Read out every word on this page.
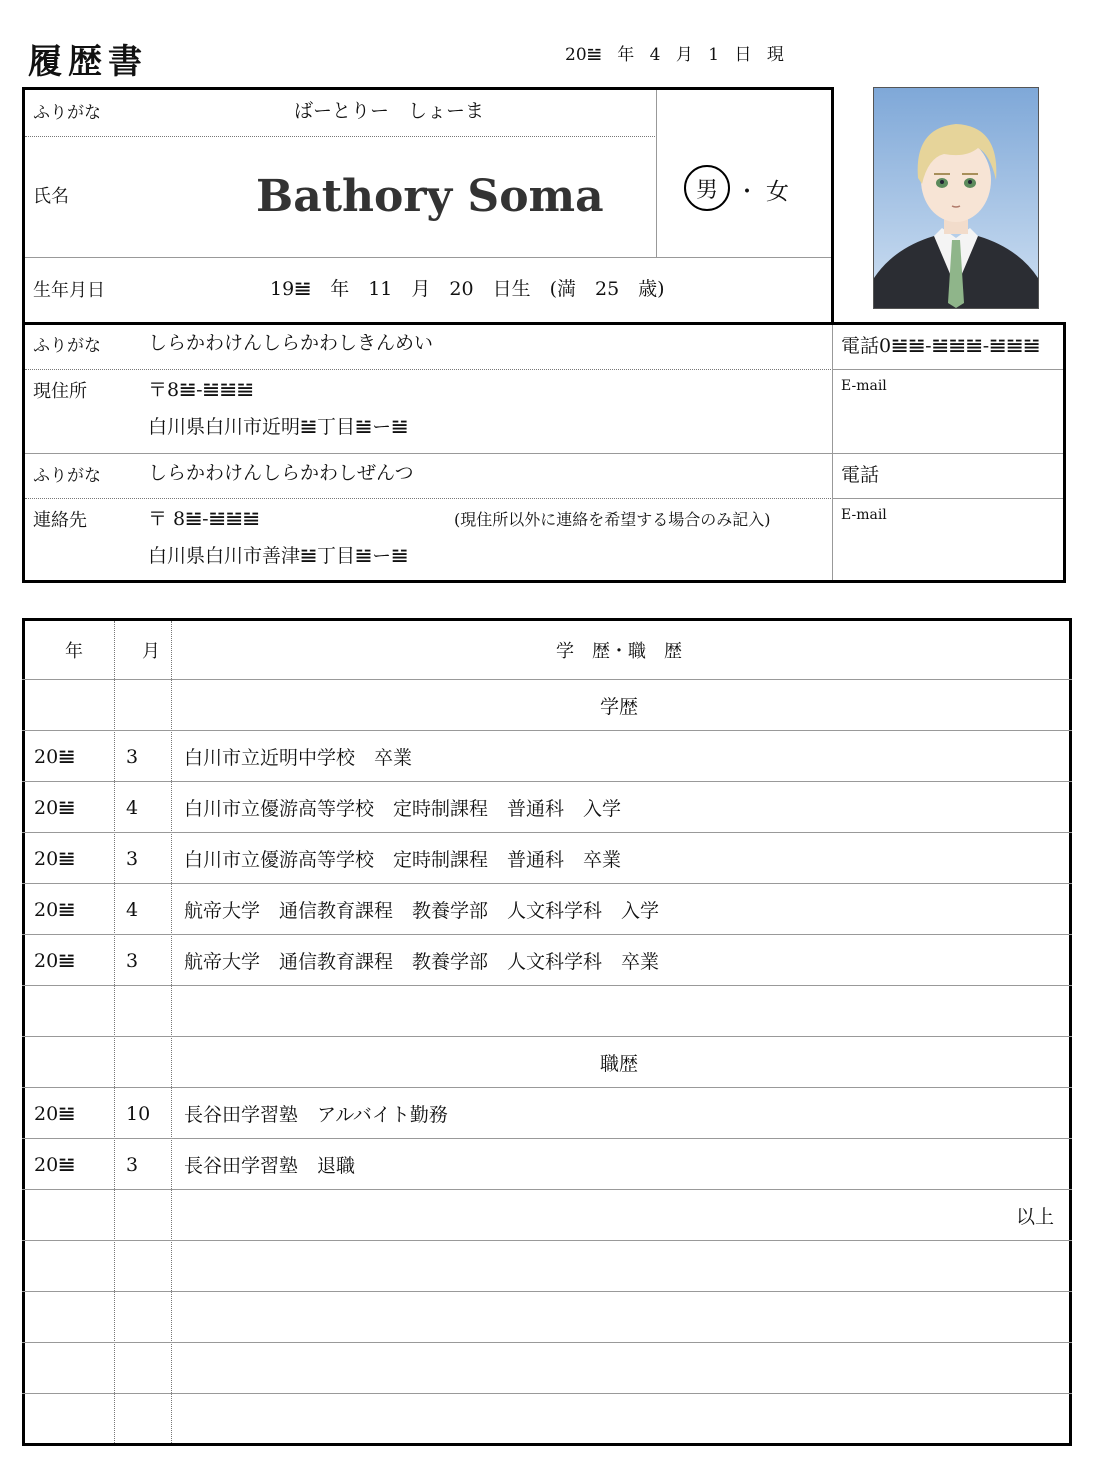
履歴書	20𝌡 年 4 月 1 日 現
ふりがな	ばーとりー　しょーま
氏名	Bathory Soma	男 ・ 女
生年月日	19𝌡　年　11　月　20　日生　(満　25　歳)
ふりがな しらかわけんしらかわしきんめい	電話0𝌡𝌡-𝌡𝌡𝌡-𝌡𝌡𝌡
現住所	〒8𝌡-𝌡𝌡𝌡
白川県白川市近明𝌡丁目𝌡ー𝌡
E-mail
ふりがな しらかわけんしらかわしぜんつ	電話
連絡先	〒 8𝌡-𝌡𝌡𝌡	(現住所以外に連絡を希望する場合のみ記入)
白川県白川市善津𝌡丁目𝌡ー𝌡
E-mail
年	月	学　歴・職　歴
学歴
20𝌡	3	白川市立近明中学校　卒業
20𝌡	4	白川市立優游高等学校　定時制課程　普通科　入学
20𝌡	3	白川市立優游高等学校　定時制課程　普通科　卒業
20𝌡	4	航帝大学　通信教育課程　教養学部　人文科学科　入学
20𝌡	3	航帝大学　通信教育課程　教養学部　人文科学科　卒業
職歴
20𝌡	10	長谷田学習塾　アルバイト勤務
20𝌡	3	長谷田学習塾　退職
以上
